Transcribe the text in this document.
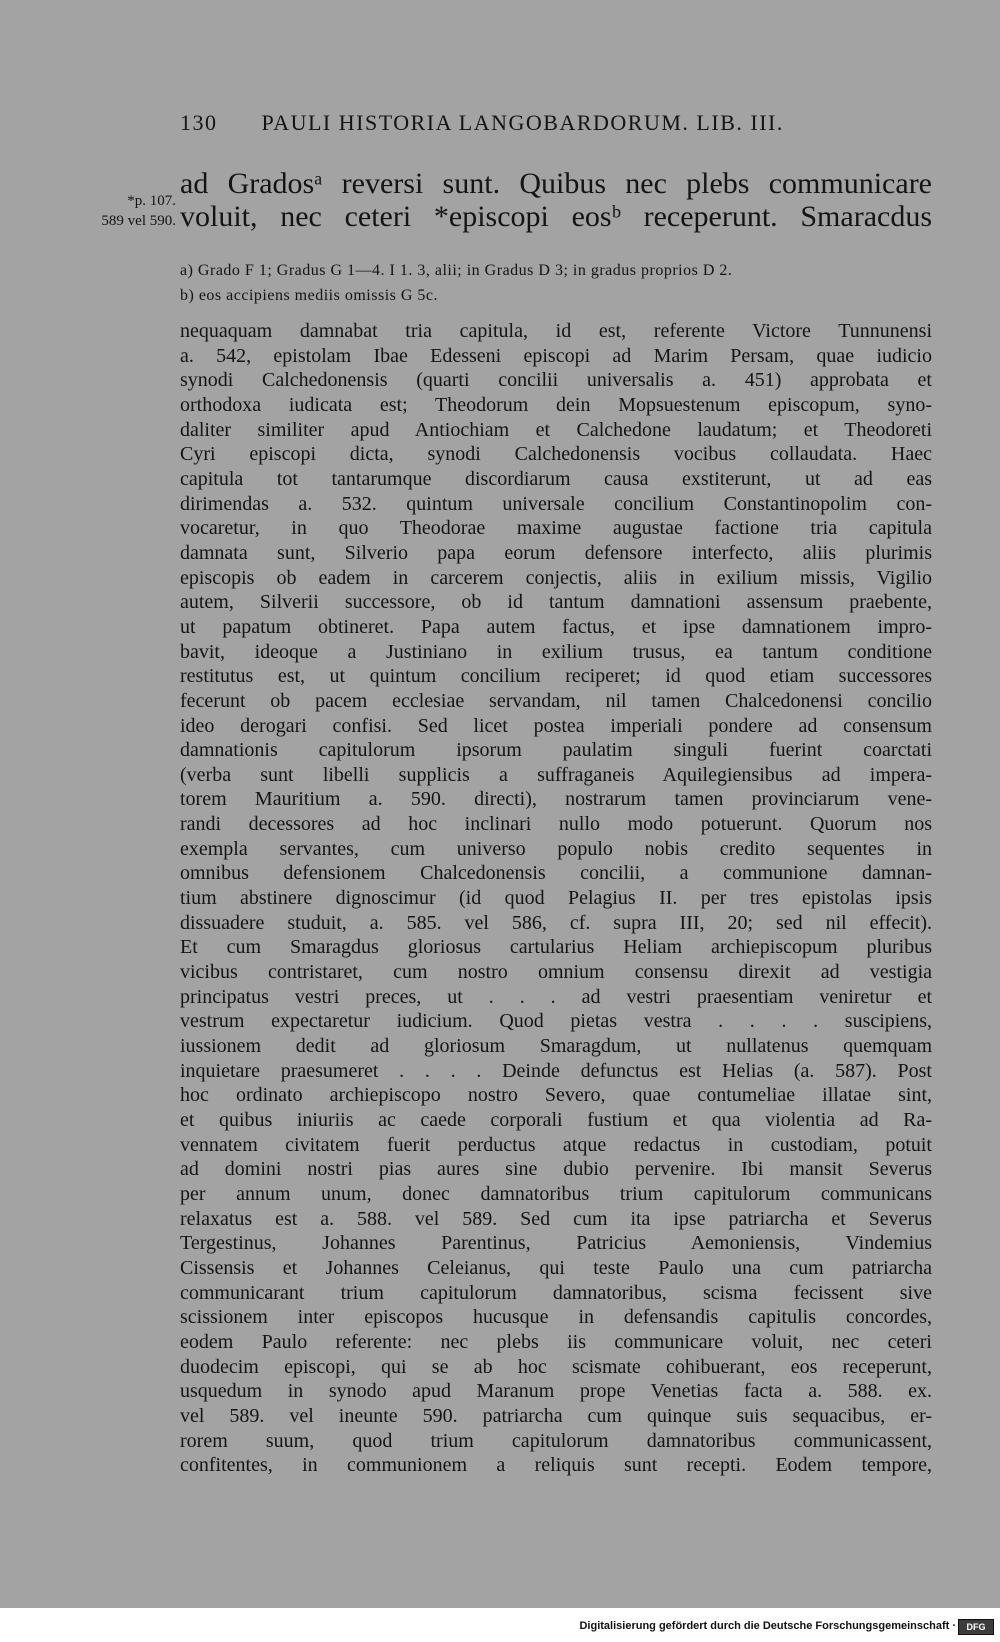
130 PAULI HISTORIA LANGOBARDORUM. LIB. III.
*p. 107.
589 vel 590.
ad Gradosᵃ reversi sunt. Quibus nec plebs communicare
voluit, nec ceteri *episcopi eosᵇ receperunt. Smaracdus
a) Grado F 1; Gradus G 1—4. I 1. 3, alii; in Gradus D 3; in gradus proprios D 2.
b) eos accipiens mediis omissis G 5c.
nequaquam damnabat tria capitula, id est, referente Victore Tunnunensi
a. 542, epistolam Ibae Edesseni episcopi ad Marim Persam, quae iudicio
synodi Calchedonensis (quarti concilii universalis a. 451) approbata et
orthodoxa iudicata est; Theodorum dein Mopsuestenum episcopum, syno-
daliter similiter apud Antiochiam et Calchedone laudatum; et Theodoreti
Cyri episcopi dicta, synodi Calchedonensis vocibus collaudata. Haec
capitula tot tantarumque discordiarum causa exstiterunt, ut ad eas
dirimendas a. 532. quintum universale concilium Constantinopolim con-
vocaretur, in quo Theodorae maxime augustae factione tria capitula
damnata sunt, Silverio papa eorum defensore interfecto, aliis plurimis
episcopis ob eadem in carcerem conjectis, aliis in exilium missis, Vigilio
autem, Silverii successore, ob id tantum damnationi assensum praebente,
ut papatum obtineret. Papa autem factus, et ipse damnationem impro-
bavit, ideoque a Justiniano in exilium trusus, ea tantum conditione
restitutus est, ut quintum concilium reciperet; id quod etiam successores
fecerunt ob pacem ecclesiae servandam, nil tamen Chalcedonensi concilio
ideo derogari confisi. Sed licet postea imperiali pondere ad consensum
damnationis capitulorum ipsorum paulatim singuli fuerint coarctati
(verba sunt libelli supplicis a suffraganeis Aquilegiensibus ad impera-
torem Mauritium a. 590. directi), nostrarum tamen provinciarum vene-
randi decessores ad hoc inclinari nullo modo potuerunt. Quorum nos
exempla servantes, cum universo populo nobis credito sequentes in
omnibus defensionem Chalcedonensis concilii, a communione damnan-
tium abstinere dignoscimur (id quod Pelagius II. per tres epistolas ipsis
dissuadere studuit, a. 585. vel 586, cf. supra III, 20; sed nil effecit).
Et cum Smaragdus gloriosus cartularius Heliam archiepiscopum pluribus
vicibus contristaret, cum nostro omnium consensu direxit ad vestigia
principatus vestri preces, ut . . . ad vestri praesentiam veniretur et
vestrum expectaretur iudicium. Quod pietas vestra . . . . suscipiens,
iussionem dedit ad gloriosum Smaragdum, ut nullatenus quemquam
inquietare praesumeret . . . . Deinde defunctus est Helias (a. 587). Post
hoc ordinato archiepiscopo nostro Severo, quae contumeliae illatae sint,
et quibus iniuriis ac caede corporali fustium et qua violentia ad Ra-
vennatem civitatem fuerit perductus atque redactus in custodiam, potuit
ad domini nostri pias aures sine dubio pervenire. Ibi mansit Severus
per annum unum, donec damnatoribus trium capitulorum communicans
relaxatus est a. 588. vel 589. Sed cum ita ipse patriarcha et Severus
Tergestinus, Johannes Parentinus, Patricius Aemoniensis, Vindemius
Cissensis et Johannes Celeianus, qui teste Paulo una cum patriarcha
communicarant trium capitulorum damnatoribus, scisma fecissent sive
scissionem inter episcopos hucusque in defensandis capitulis concordes,
eodem Paulo referente: nec plebs iis communicare voluit, nec ceteri
duodecim episcopi, qui se ab hoc scismate cohibuerant, eos receperunt,
usquedum in synodo apud Maranum prope Venetias facta a. 588. ex.
vel 589. vel ineunte 590. patriarcha cum quinque suis sequacibus, er-
rorem suum, quod trium capitulorum damnatoribus communicassent,
confitentes, in communionem a reliquis sunt recepti. Eodem tempore,
Digitalisierung gefördert durch die Deutsche Forschungsgemeinschaft ·	DFG
